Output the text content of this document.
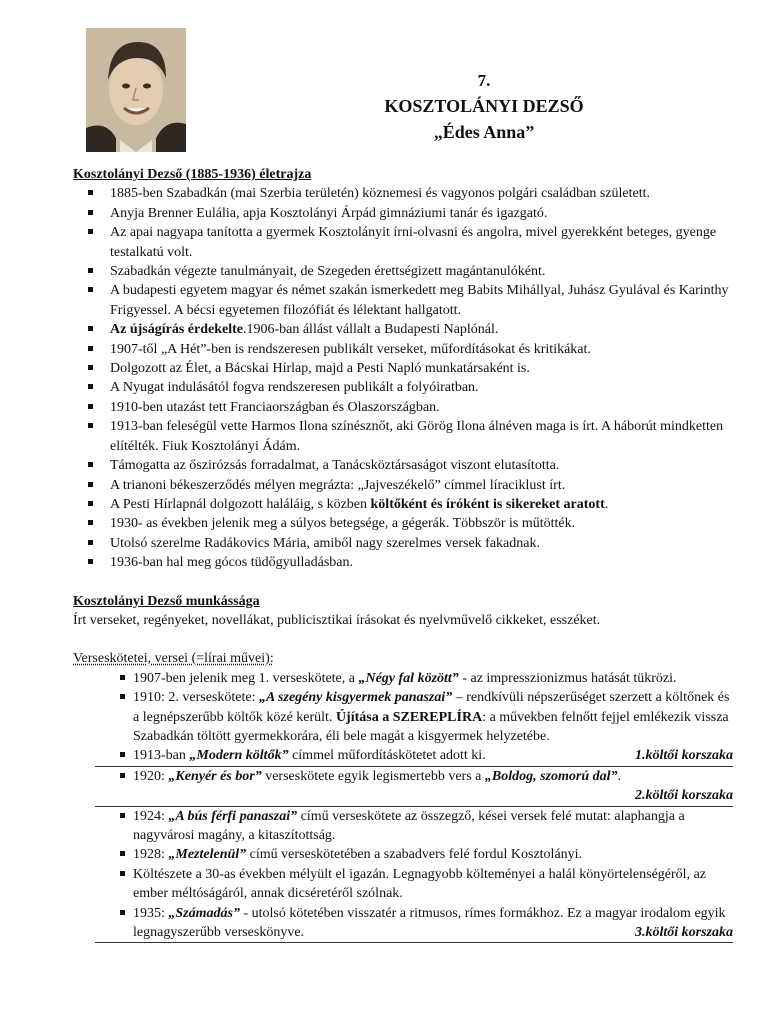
7.
KOSZTOLÁNYI DEZSŐ
„Édes Anna”
Kosztolányi Dezső (1885-1936) életrajza
1885-ben Szabadkán (mai Szerbia területén) köznemesi és vagyonos polgári családban született.
Anyja Brenner Eulália, apja Kosztolányi Árpád gimnáziumi tanár és igazgató.
Az apai nagyapa tanította a gyermek Kosztolányit írni-olvasni és angolra, mivel gyerekként beteges, gyenge testalkatú volt.
Szabadkán végezte tanulmányait, de Szegeden érettségizett magántanulóként.
A budapesti egyetem magyar és német szakán ismerkedett meg Babits Mihállyal, Juhász Gyulával és Karinthy Frigyessel. A bécsi egyetemen filozófiát és lélektant hallgatott.
Az újságírás érdekelte.1906-ban állást vállalt a Budapesti Naplónál.
1907-től „A Hét”-ben is rendszeresen publikált verseket, műfordításokat és kritikákat.
Dolgozott az Élet, a Bácskai Hírlap, majd a Pesti Napló munkatársaként is.
A Nyugat indulásától fogva rendszeresen publikált a folyóiratban.
1910-ben utazást tett Franciaországban és Olaszországban.
1913-ban feleségül vette Harmos Ilona színésznőt, aki Görög Ilona álnéven maga is írt. A háborút mindketten elítélték. Fiuk Kosztolányi Ádám.
Támogatta az őszirózsás forradalmat, a Tanácsköztársaságot viszont elutasította.
A trianoni békeszerződés mélyen megrázta: „Jajveszékelő” címmel líraciklust írt.
A Pesti Hírlapnál dolgozott haláláig, s közben költőként és íróként is sikereket aratott.
1930- as években jelenik meg a súlyos betegsége, a gégerák. Többször is műtötték.
Utolsó szerelme Radákovics Mária, amiből nagy szerelmes versek fakadnak.
1936-ban hal meg gócos tüdőgyulladásban.
Kosztolányi Dezső munkássága
Írt verseket, regényeket, novellákat, publicisztikai írásokat és nyelvművelő cikkeket, esszéket.
Verseskötetei, versei (=lírai művei):
1907-ben jelenik meg 1. verseskötete, a „Négy fal között” - az impresszionizmus hatását tükrözi.
1910: 2. verseskötete: „A szegény kisgyermek panaszai” – rendkívüli népszerűséget szerzett a költőnek és a legnépszerűbb költők közé került. Újítása a SZEREPLÍRA: a művekben felnőtt fejjel emlékezik vissza Szabadkán töltött gyermekkorára, éli bele magát a kisgyermek helyzetébe.
1913-ban „Modern költők” címmel műfordításkötetet adott ki.	1.költői korszaka
1920: „Kenyér és bor” verseskötete egyik legismertebb vers a „Boldog, szomorú dal”.
2.költői korszaka
1924: „A bús férfi panaszai” című verseskötete az összegző, kései versek felé mutat: alaphangja a nagyvárosi magány, a kitaszítottság.
1928: „Meztelenül” című verseskötetében a szabadvers felé fordul Kosztolányi.
Költészete a 30-as években mélyült el igazán. Legnagyobb költeményei a halál könyörtelenségéről, az ember méltóságáról, annak dicséretéről szólnak.
1935: „Számadás” - utolsó kötetében visszatér a ritmusos, rímes formákhoz. Ez a magyar irodalom egyik legnagyszerűbb verseskönyve.	3.költői korszaka
